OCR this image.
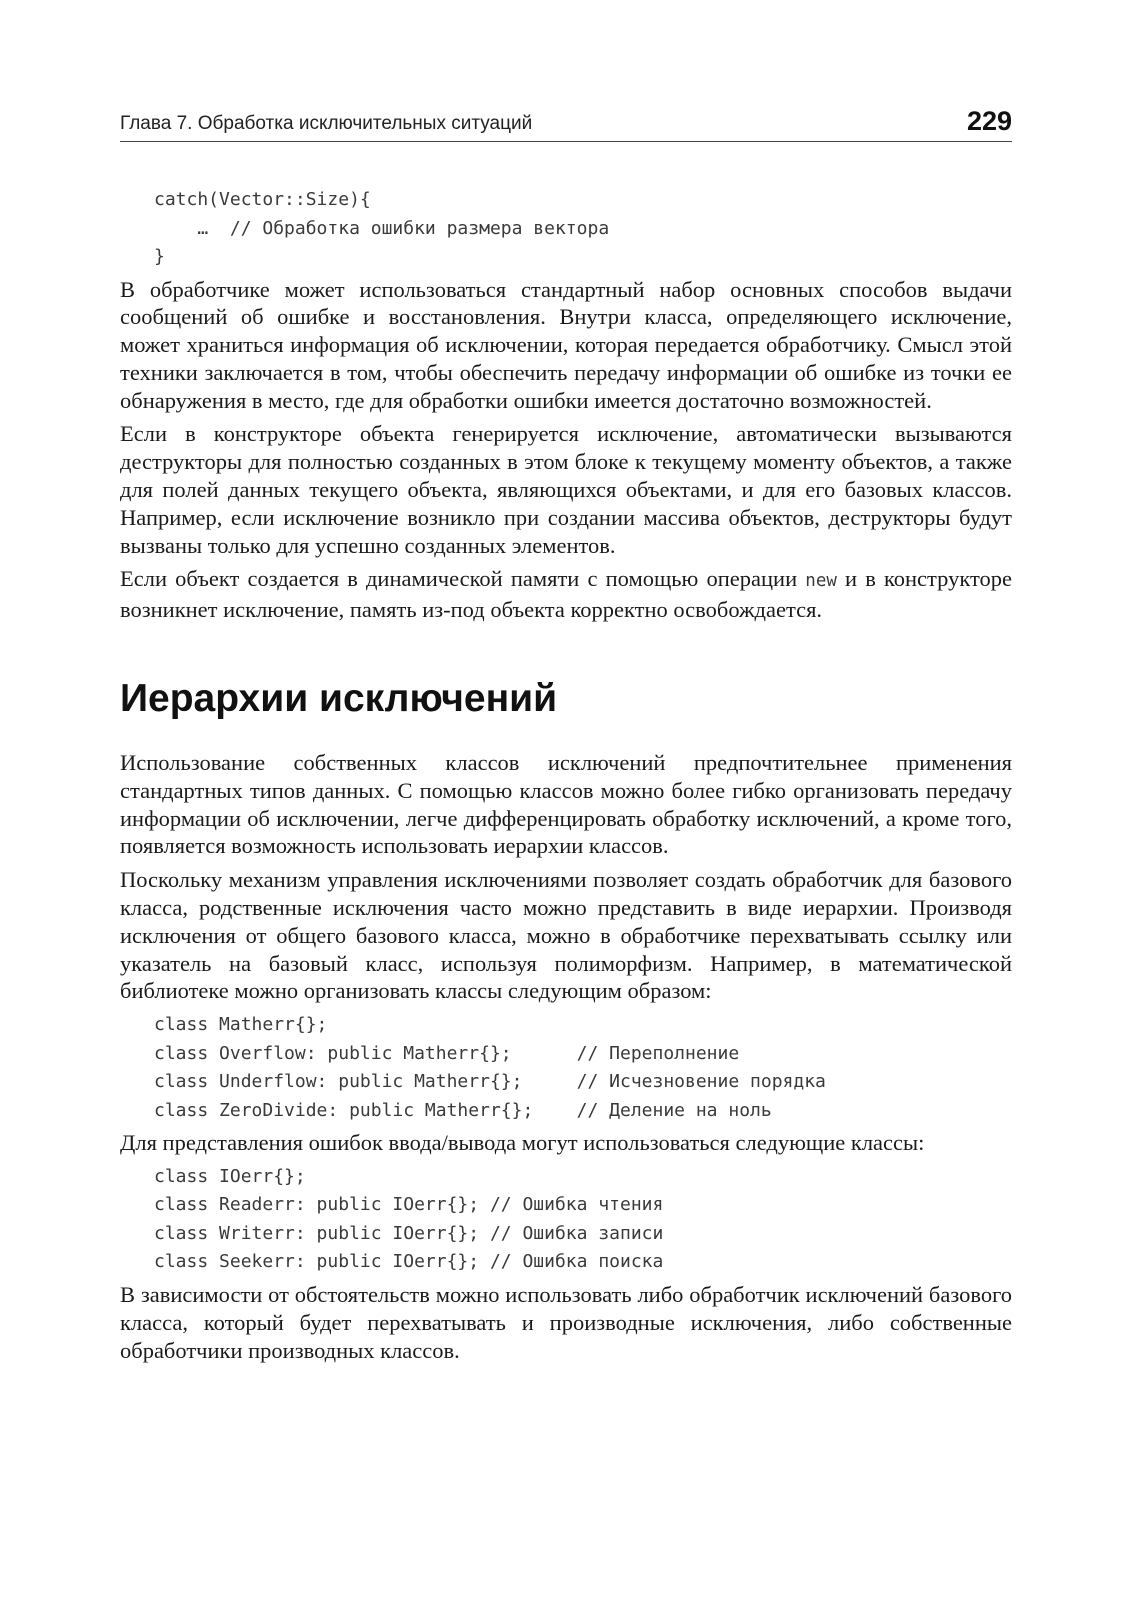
Глава 7. Обработка исключительных ситуаций	229
catch(Vector::Size){
…  // Обработка ошибки размера вектора
}

В обработчике может использоваться стандартный набор основных способов выдачи сообщений об ошибке и восстановления. Внутри класса, определяющего исключение, может храниться информация об исключении, которая передается обработчику. Смысл этой техники заключается в том, чтобы обеспечить передачу информации об ошибке из точки ее обнаружения в место, где для обработки ошибки имеется достаточно возможностей.

Если в конструкторе объекта генерируется исключение, автоматически вызываются деструкторы для полностью созданных в этом блоке к текущему моменту объектов, а также для полей данных текущего объекта, являющихся объектами, и для его базовых классов. Например, если исключение возникло при создании массива объектов, деструкторы будут вызваны только для успешно созданных элементов.

Если объект создается в динамической памяти с помощью операции new и в конструкторе возникнет исключение, память из-под объекта корректно освобождается.

Иерархии исключений

Использование собственных классов исключений предпочтительнее применения стандартных типов данных. С помощью классов можно более гибко организовать передачу информации об исключении, легче дифференцировать обработку исключений, а кроме того, появляется возможность использовать иерархии классов.

Поскольку механизм управления исключениями позволяет создать обработчик для базового класса, родственные исключения часто можно представить в виде иерархии. Производя исключения от общего базового класса, можно в обработчике перехватывать ссылку или указатель на базовый класс, используя полиморфизм. Например, в математической библиотеке можно организовать классы следующим образом:

class Matherr{};
class Overflow: public Matherr{};      // Переполнение
class Underflow: public Matherr{};     // Исчезновение порядка
class ZeroDivide: public Matherr{};    // Деление на ноль

Для представления ошибок ввода/вывода могут использоваться следующие классы:

class IOerr{};
class Readerr: public IOerr{}; // Ошибка чтения
class Writerr: public IOerr{}; // Ошибка записи
class Seekerr: public IOerr{}; // Ошибка поиска

В зависимости от обстоятельств можно использовать либо обработчик исключений базового класса, который будет перехватывать и производные исключения, либо собственные обработчики производных классов.
